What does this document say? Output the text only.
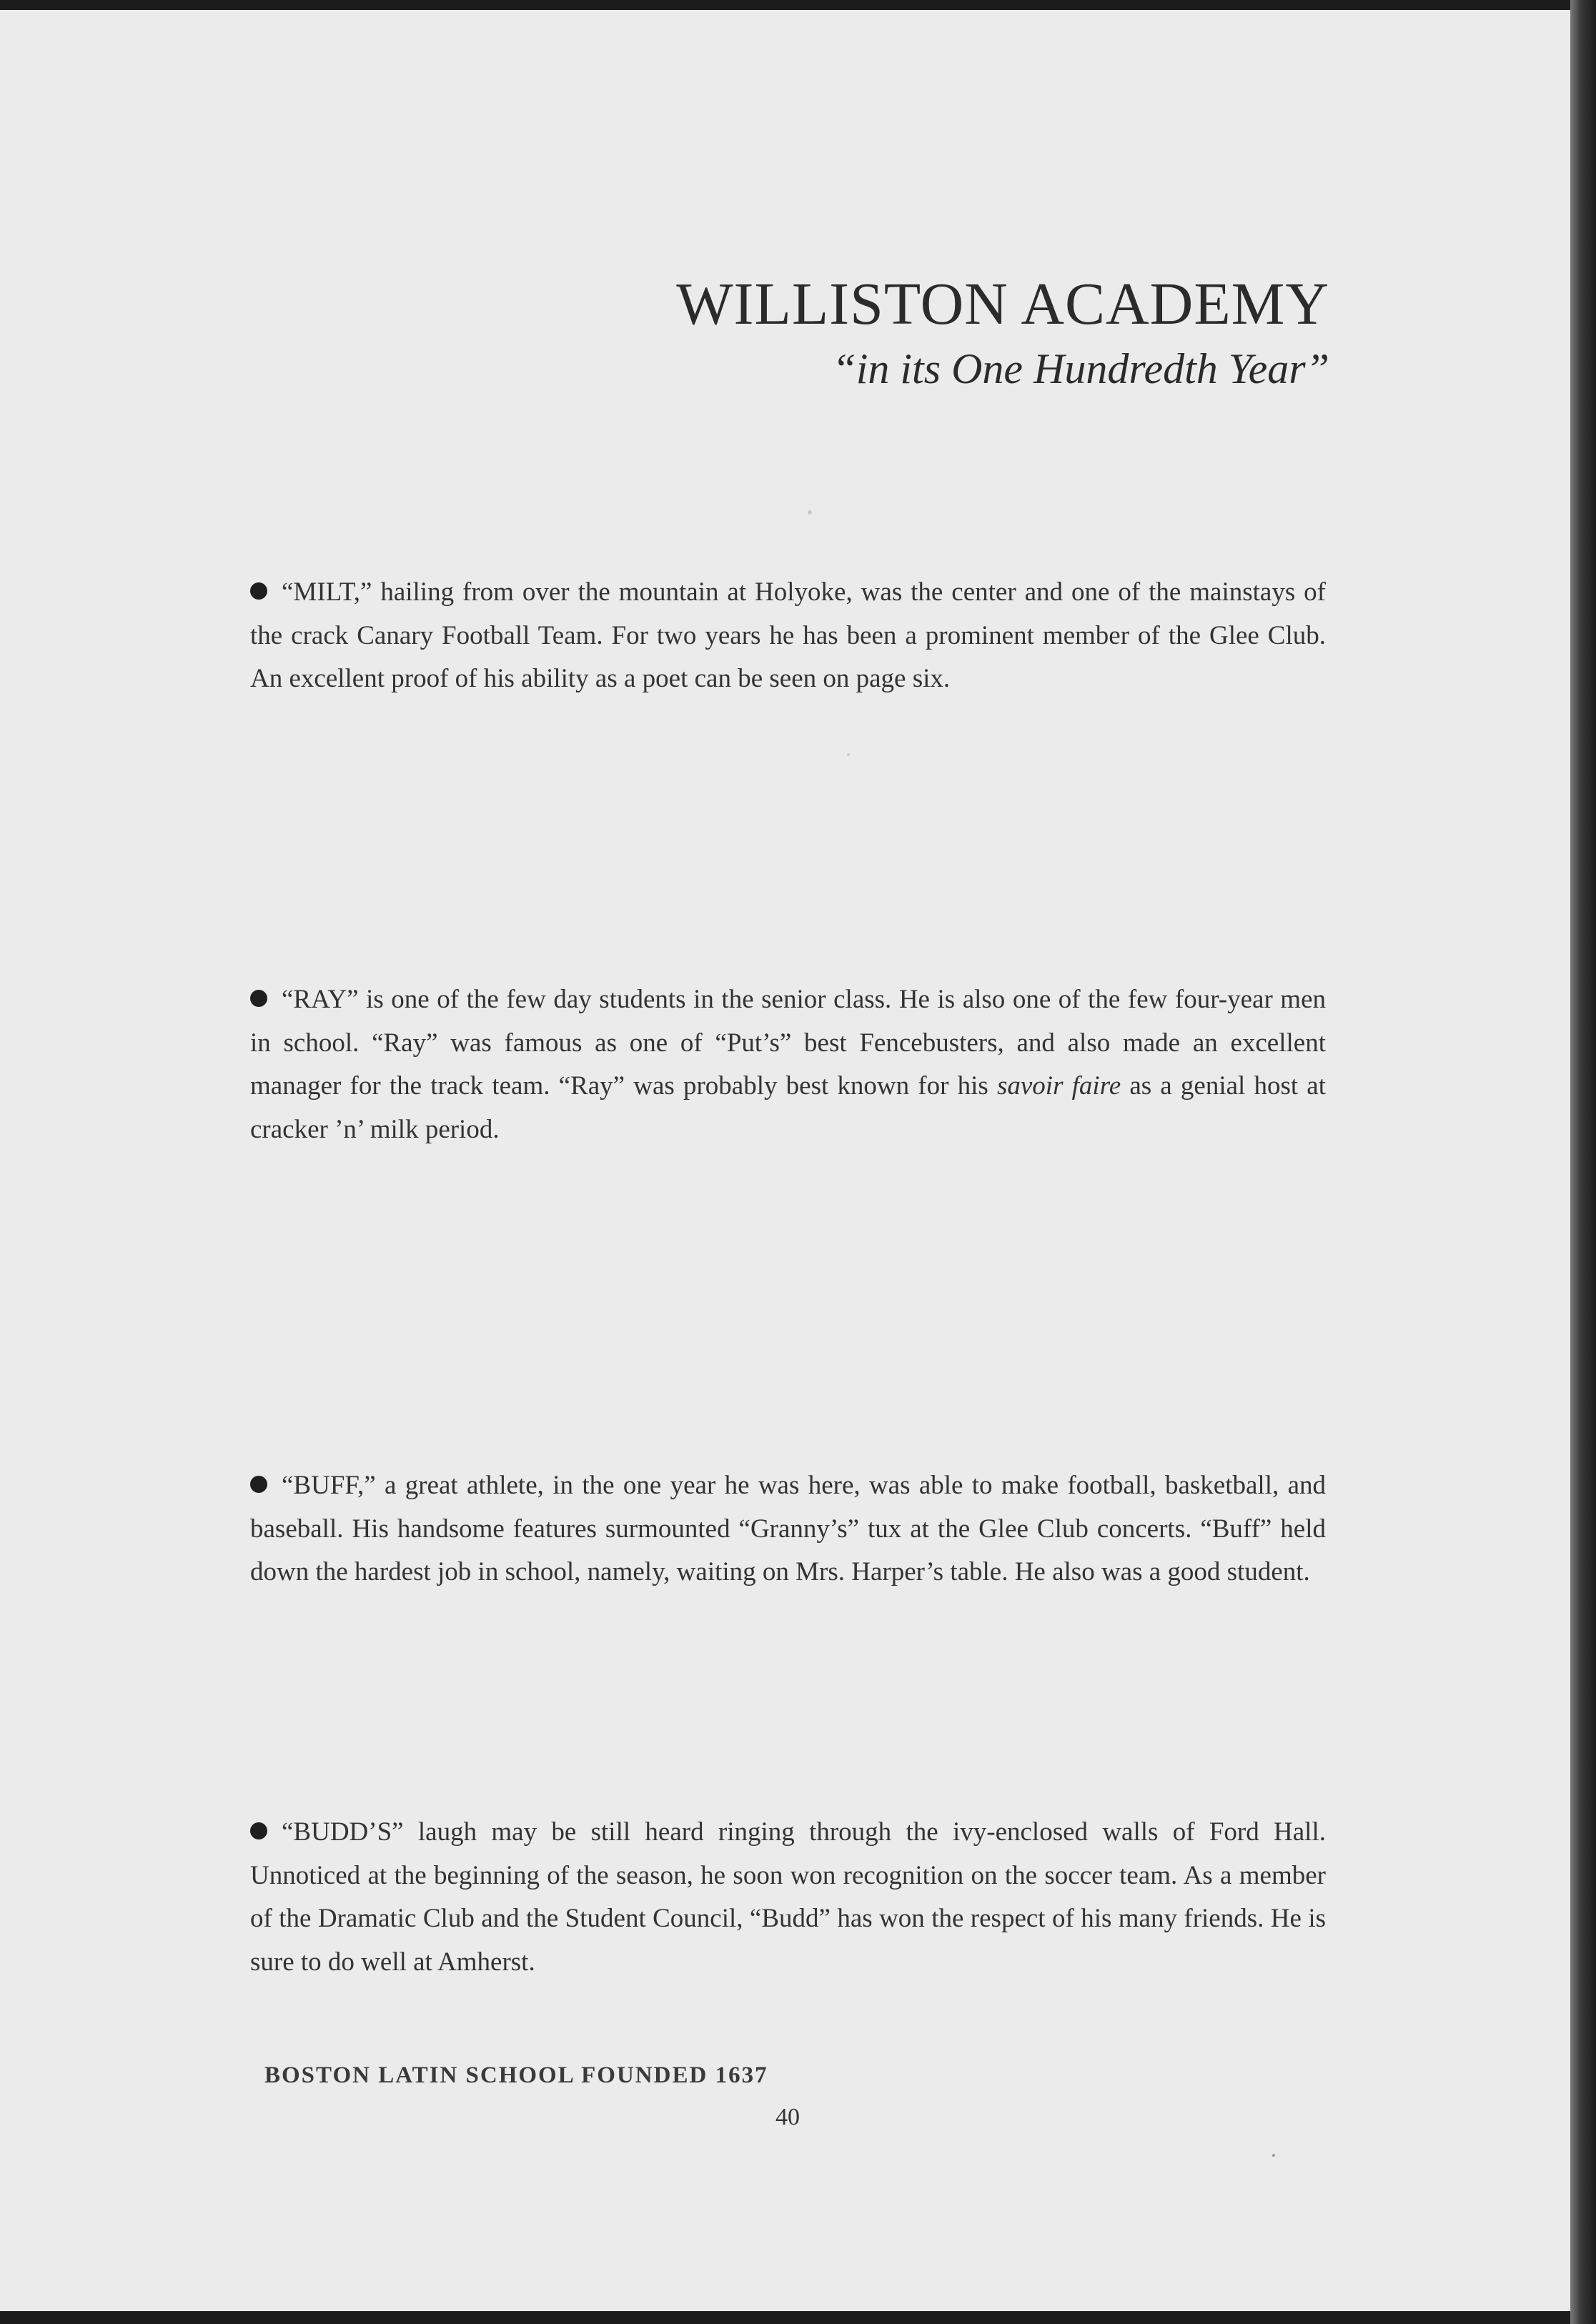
WILLISTON ACADEMY
“in its One Hundredth Year”
“MILT,” hailing from over the mountain at Holyoke, was the center and one of the mainstays of the crack Canary Football Team. For two years he has been a prominent member of the Glee Club. An excellent proof of his ability as a poet can be seen on page six.
“RAY” is one of the few day students in the senior class. He is also one of the few four-year men in school. “Ray” was famous as one of “Put’s” best Fencebusters, and also made an excellent manager for the track team. “Ray” was probably best known for his savoir faire as a genial host at cracker ’n’ milk period.
“BUFF,” a great athlete, in the one year he was here, was able to make football, basketball, and baseball. His handsome features surmounted “Granny’s” tux at the Glee Club concerts. “Buff” held down the hardest job in school, namely, waiting on Mrs. Harper’s table. He also was a good student.
“BUDD’S” laugh may be still heard ringing through the ivy-enclosed walls of Ford Hall. Unnoticed at the beginning of the season, he soon won recognition on the soccer team. As a member of the Dramatic Club and the Student Council, “Budd” has won the respect of his many friends. He is sure to do well at Amherst.
BOSTON LATIN SCHOOL FOUNDED 1637
40
